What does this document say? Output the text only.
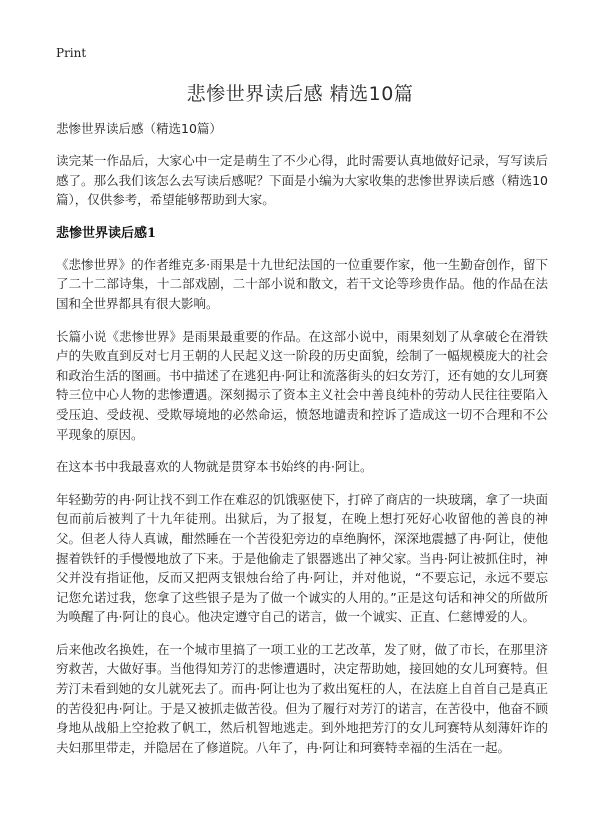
Print
悲惨世界读后感 精选10篇

悲惨世界读后感（精选10篇）

读完某一作品后，大家心中一定是萌生了不少心得，此时需要认真地做好记录，写写读后感了。那么我们该怎么去写读后感呢？下面是小编为大家收集的悲惨世界读后感（精选10篇），仅供参考，希望能够帮助到大家。

悲惨世界读后感1

《悲惨世界》的作者维克多·雨果是十九世纪法国的一位重要作家，他一生勤奋创作，留下了二十二部诗集，十二部戏剧，二十部小说和散文，若干文论等珍贵作品。他的作品在法国和全世界都具有很大影响。

长篇小说《悲惨世界》是雨果最重要的作品。在这部小说中，雨果刻划了从拿破仑在滑铁卢的失败直到反对七月王朝的人民起义这一阶段的历史面貌，绘制了一幅规模庞大的社会和政治生活的图画。书中描述了在逃犯冉·阿让和流落街头的妇女芳汀，还有她的女儿珂赛特三位中心人物的悲惨遭遇。深刻揭示了资本主义社会中善良纯朴的劳动人民往往要陷入受压迫、受歧视、受欺辱境地的必然命运，愤怒地谴责和控诉了造成这一切不合理和不公平现象的原因。

在这本书中我最喜欢的人物就是贯穿本书始终的冉·阿让。

年轻勤劳的冉·阿让找不到工作在难忍的饥饿驱使下，打碎了商店的一块玻璃，拿了一块面包而前后被判了十九年徒刑。出狱后，为了报复，在晚上想打死好心收留他的善良的神父。但老人待人真诚，酣然睡在一个苦役犯旁边的卓绝胸怀，深深地震撼了冉·阿让，使他握着铁钎的手慢慢地放了下来。于是他偷走了银器逃出了神父家。当冉·阿让被抓住时，神父并没有指证他，反而又把两支银烛台给了冉·阿让，并对他说，“不要忘记，永远不要忘记您允诺过我，您拿了这些银子是为了做一个诚实的人用的。”正是这句话和神父的所做所为唤醒了冉·阿让的良心。他决定遵守自己的诺言，做一个诚实、正直、仁慈博爱的人。

后来他改名换姓，在一个城市里搞了一项工业的工艺改革，发了财，做了市长，在那里济穷救苦，大做好事。当他得知芳汀的悲惨遭遇时，决定帮助她，接回她的女儿珂赛特。但芳汀未看到她的女儿就死去了。而冉·阿让也为了救出冤枉的人，在法庭上自首自己是真正的苦役犯冉·阿让。于是又被抓走做苦役。但为了履行对芳汀的诺言，在苦役中，他奋不顾身地从战船上空抢救了帆工，然后机智地逃走。到外地把芳汀的女儿珂赛特从刻薄奸诈的夫妇那里带走，并隐居在了修道院。八年了，冉·阿让和珂赛特幸福的生活在一起。
